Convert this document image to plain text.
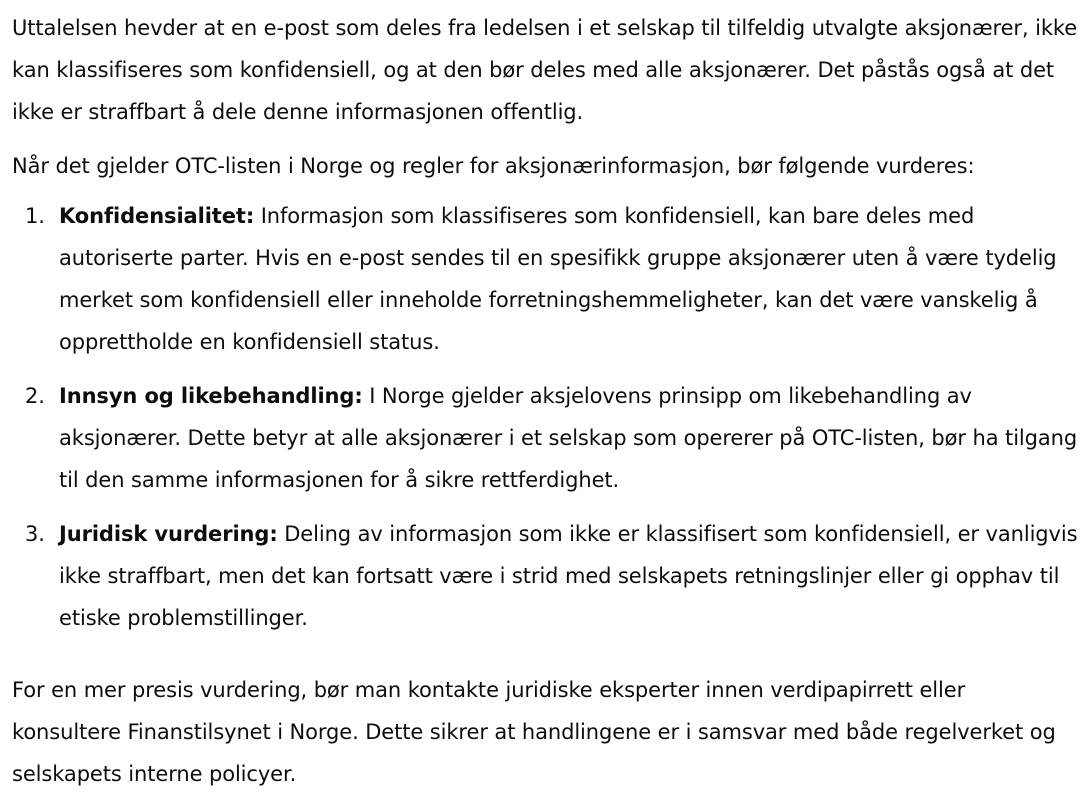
Uttalelsen hevder at en e-post som deles fra ledelsen i et selskap til tilfeldig utvalgte aksjonærer, ikke kan klassifiseres som konfidensiell, og at den bør deles med alle aksjonærer. Det påstås også at det ikke er straffbart å dele denne informasjonen offentlig.

Når det gjelder OTC-listen i Norge og regler for aksjonærinformasjon, bør følgende vurderes:

1. Konfidensialitet: Informasjon som klassifiseres som konfidensiell, kan bare deles med autoriserte parter. Hvis en e-post sendes til en spesifikk gruppe aksjonærer uten å være tydelig merket som konfidensiell eller inneholde forretningshemmeligheter, kan det være vanskelig å opprettholde en konfidensiell status.
2. Innsyn og likebehandling: I Norge gjelder aksjelovens prinsipp om likebehandling av aksjonærer. Dette betyr at alle aksjonærer i et selskap som opererer på OTC-listen, bør ha tilgang til den samme informasjonen for å sikre rettferdighet.
3. Juridisk vurdering: Deling av informasjon som ikke er klassifisert som konfidensiell, er vanligvis ikke straffbart, men det kan fortsatt være i strid med selskapets retningslinjer eller gi opphav til etiske problemstillinger.

For en mer presis vurdering, bør man kontakte juridiske eksperter innen verdipapirrett eller konsultere Finanstilsynet i Norge. Dette sikrer at handlingene er i samsvar med både regelverket og selskapets interne policyer.
